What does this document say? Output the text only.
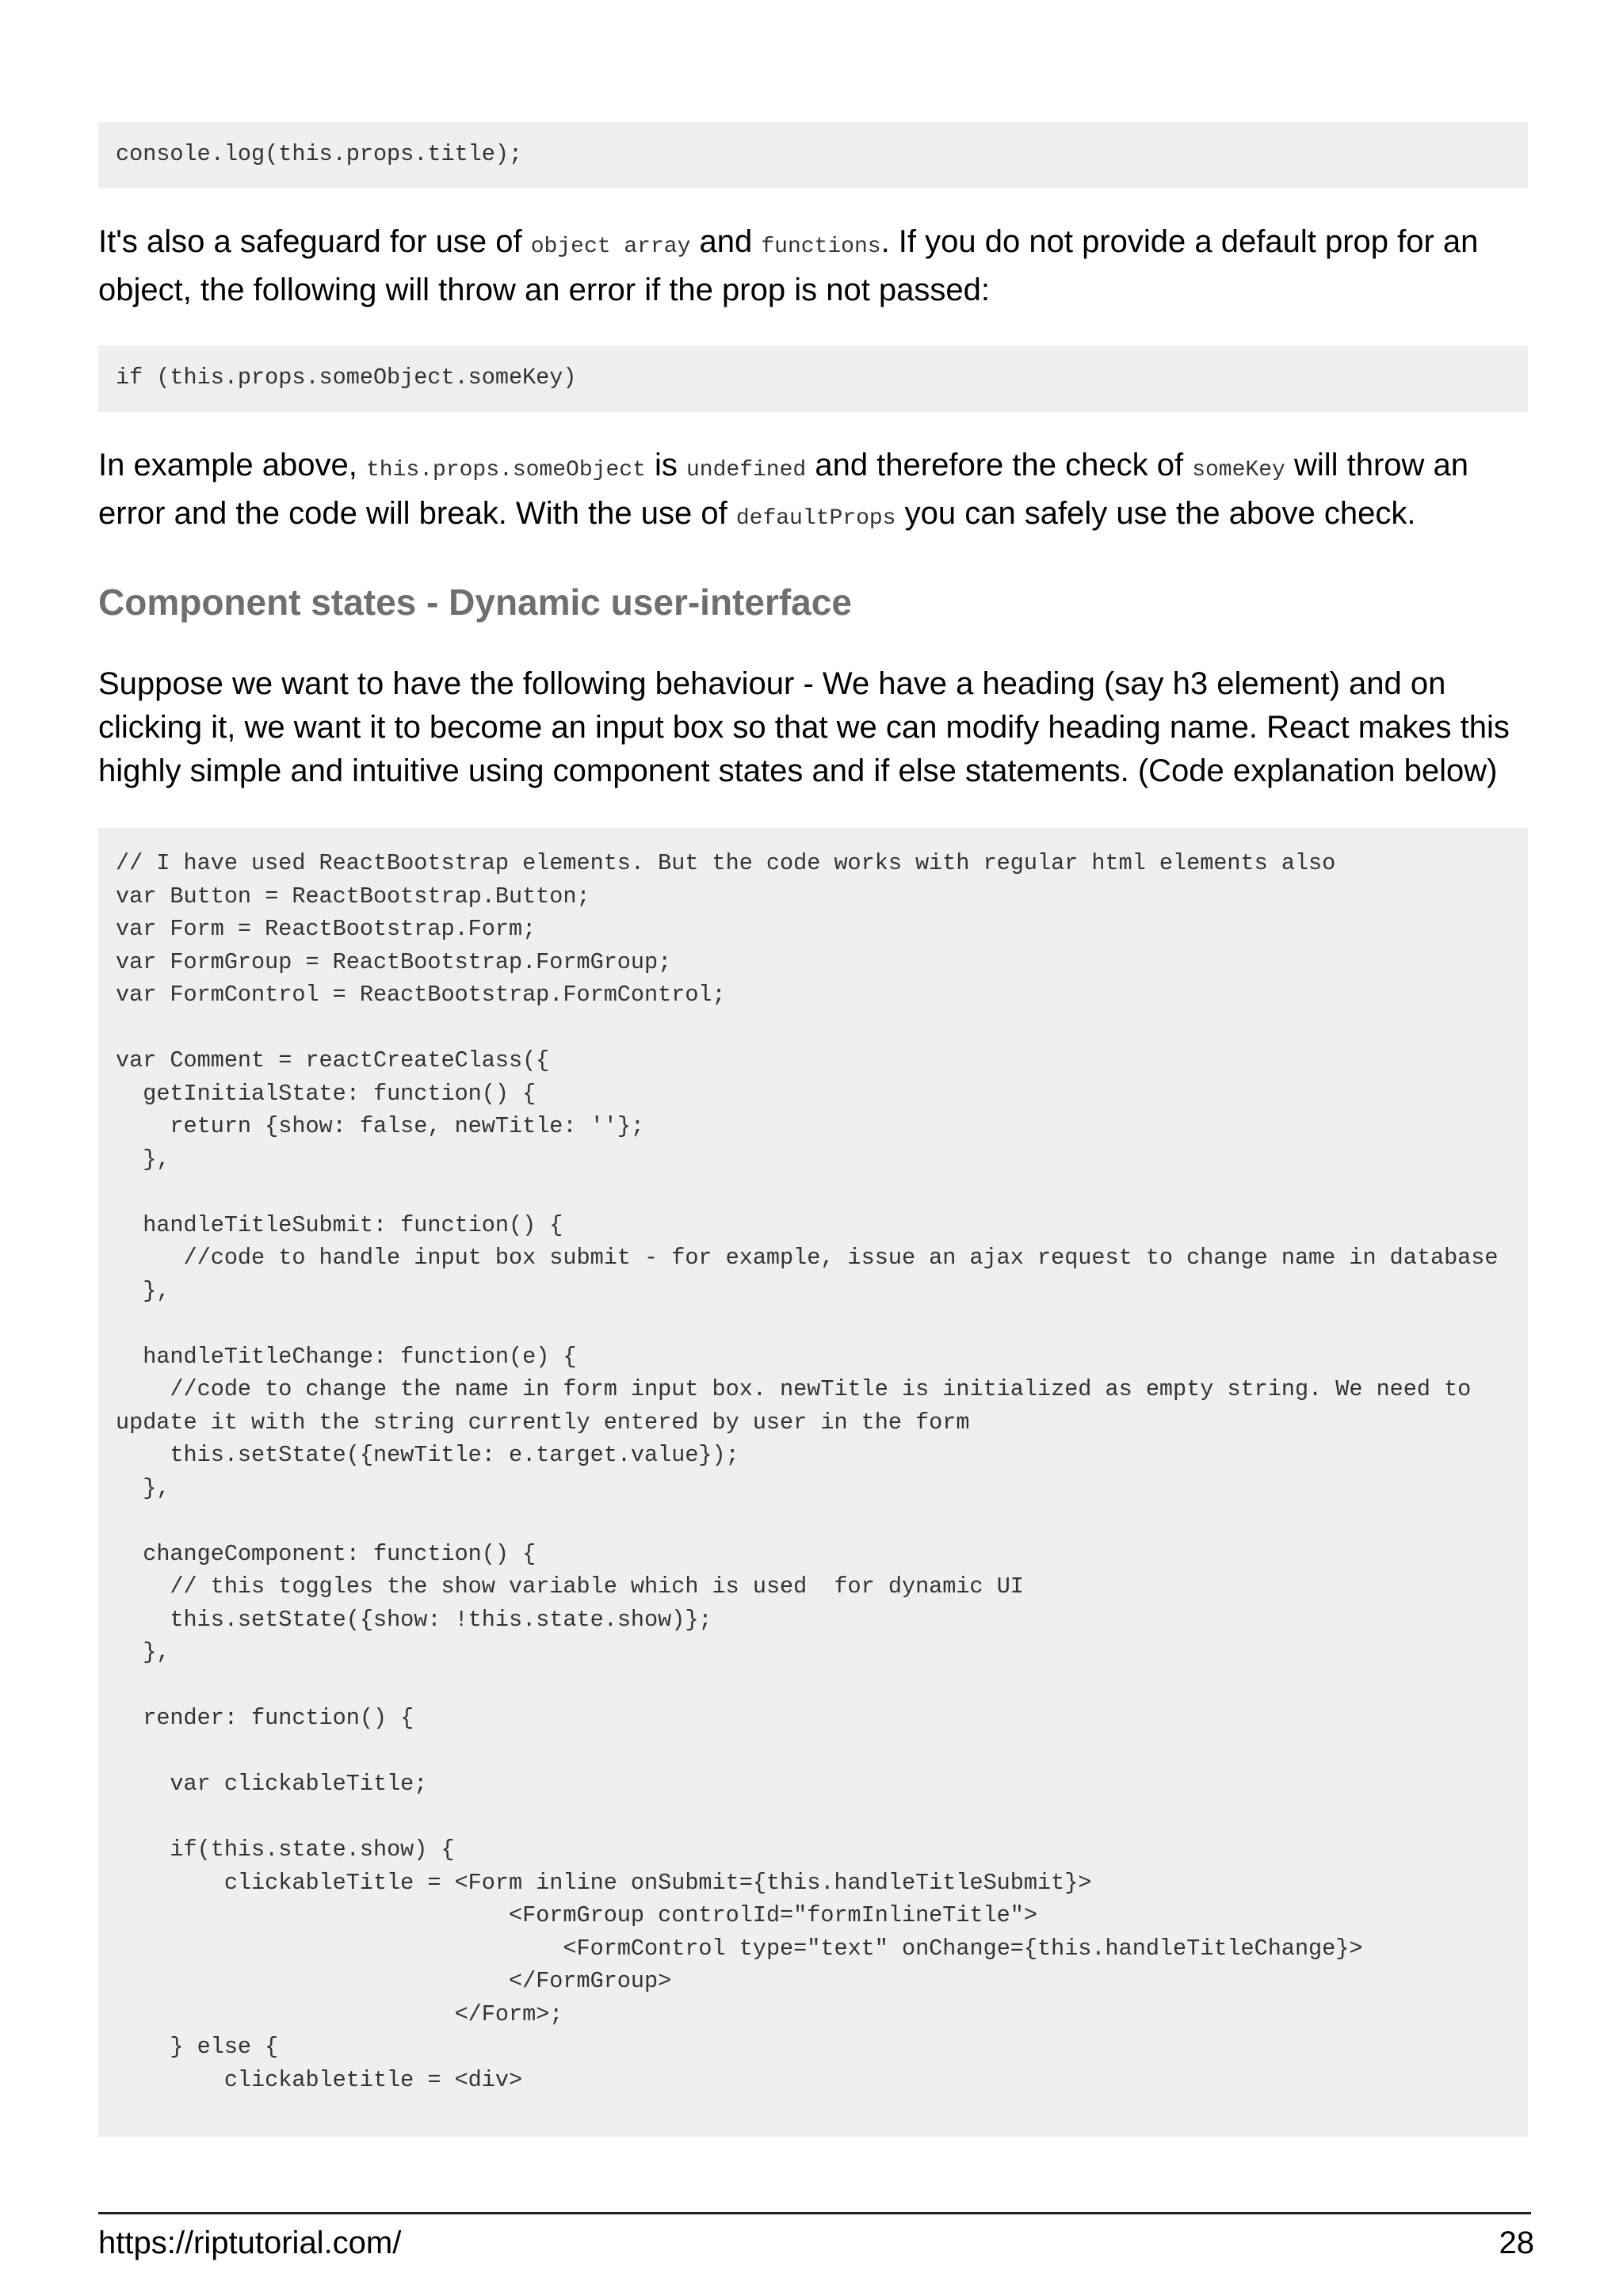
console.log(this.props.title);

It's also a safeguard for use of object array and functions. If you do not provide a default prop for an object, the following will throw an error if the prop is not passed:

if (this.props.someObject.someKey)

In example above, this.props.someObject is undefined and therefore the check of someKey will throw an error and the code will break. With the use of defaultProps you can safely use the above check.

Component states - Dynamic user-interface

Suppose we want to have the following behaviour - We have a heading (say h3 element) and on clicking it, we want it to become an input box so that we can modify heading name. React makes this highly simple and intuitive using component states and if else statements. (Code explanation below)

// I have used ReactBootstrap elements. But the code works with regular html elements also
var Button = ReactBootstrap.Button;
var Form = ReactBootstrap.Form;
var FormGroup = ReactBootstrap.FormGroup;
var FormControl = ReactBootstrap.FormControl;

var Comment = reactCreateClass({
getInitialState: function() {
return {show: false, newTitle: ''};
},

handleTitleSubmit: function() {
//code to handle input box submit - for example, issue an ajax request to change name in database
},

handleTitleChange: function(e) {
//code to change the name in form input box. newTitle is initialized as empty string. We need to update it with the string currently entered by user in the form
this.setState({newTitle: e.target.value});
},

changeComponent: function() {
// this toggles the show variable which is used  for dynamic UI
this.setState({show: !this.state.show)};
},

render: function() {

var clickableTitle;

if(this.state.show) {
clickableTitle = <Form inline onSubmit={this.handleTitleSubmit}>
<FormGroup controlId="formInlineTitle">
<FormControl type="text" onChange={this.handleTitleChange}>
</FormGroup>
</Form>;
} else {
clickabletitle = <div>
https://riptutorial.com/	28
